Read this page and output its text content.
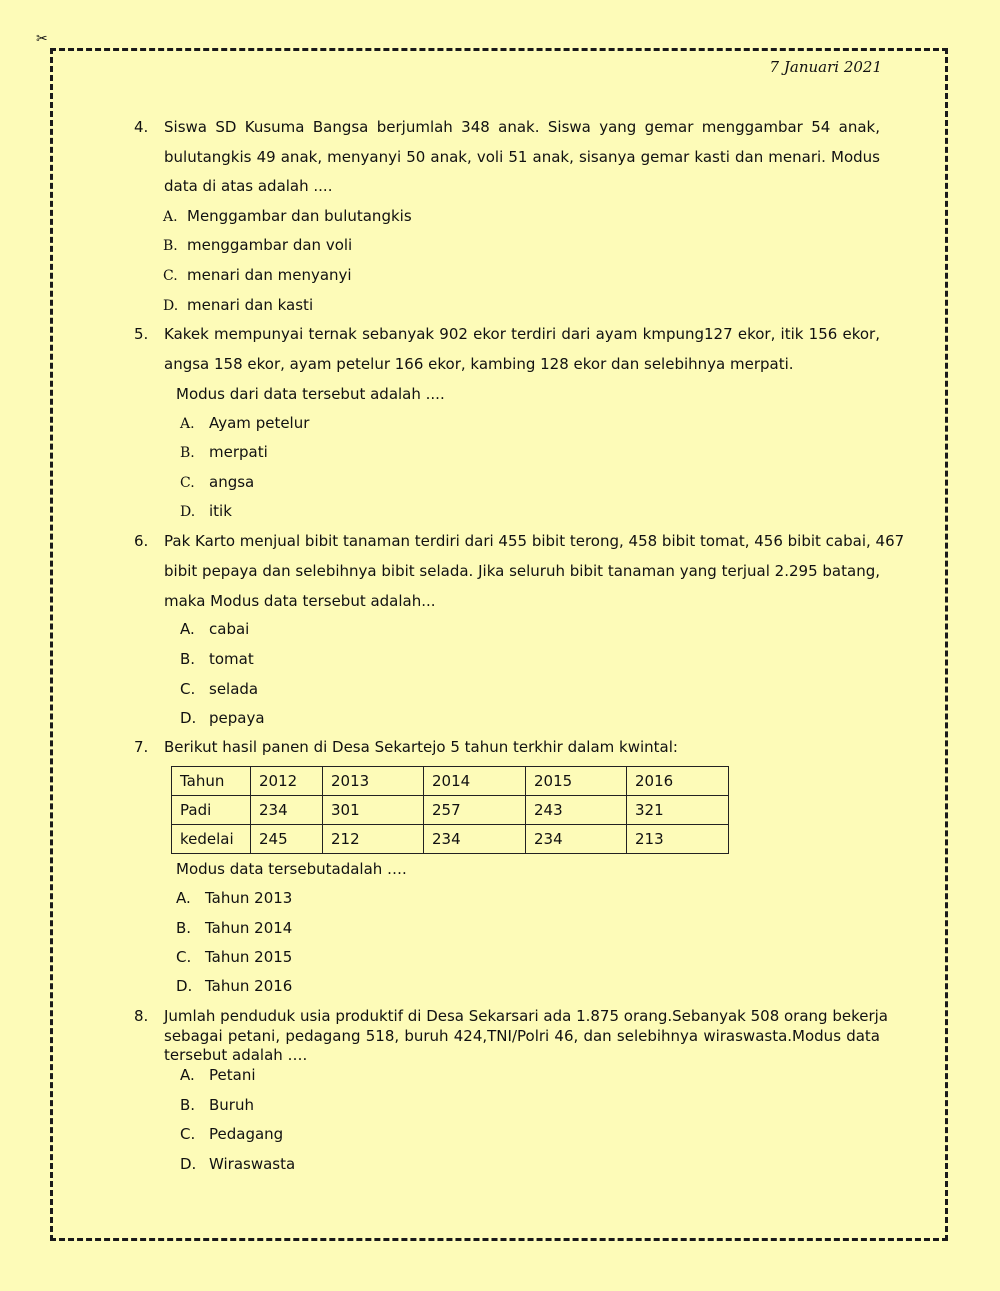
✂
7 Januari 2021
4. Siswa SD Kusuma Bangsa berjumlah 348 anak. Siswa yang gemar menggambar 54 anak,
bulutangkis 49 anak, menyanyi 50 anak, voli 51 anak, sisanya gemar kasti dan menari. Modus
data di atas adalah ....
A. Menggambar dan bulutangkis
B. menggambar dan voli
C. menari dan menyanyi
D. menari dan kasti
5. Kakek mempunyai ternak sebanyak 902 ekor terdiri dari ayam kmpung127 ekor, itik 156 ekor,
angsa 158 ekor, ayam petelur 166 ekor, kambing 128 ekor dan selebihnya merpati.
Modus dari data tersebut adalah ....
A. Ayam petelur
B. merpati
C. angsa
D. itik
6. Pak Karto menjual bibit tanaman terdiri dari 455 bibit terong, 458 bibit tomat, 456 bibit cabai, 467
bibit pepaya dan selebihnya bibit selada. Jika seluruh bibit tanaman yang terjual 2.295 batang,
maka Modus data tersebut adalah...
A. cabai
B. tomat
C. selada
D. pepaya
7. Berikut hasil panen di Desa Sekartejo 5 tahun terkhir dalam kwintal:
Tahun	2012	2013	2014	2015	2016
Padi	234	301	257	243	321
kedelai	245	212	234	234	213
Modus data tersebutadalah ….
A. Tahun 2013
B. Tahun 2014
C. Tahun 2015
D. Tahun 2016
8. Jumlah penduduk usia produktif di Desa Sekarsari ada 1.875 orang.Sebanyak 508 orang bekerja
sebagai petani, pedagang 518, buruh 424,TNI/Polri 46, dan selebihnya wiraswasta.Modus data
tersebut adalah ….
A. Petani
B. Buruh
C. Pedagang
D. Wiraswasta
